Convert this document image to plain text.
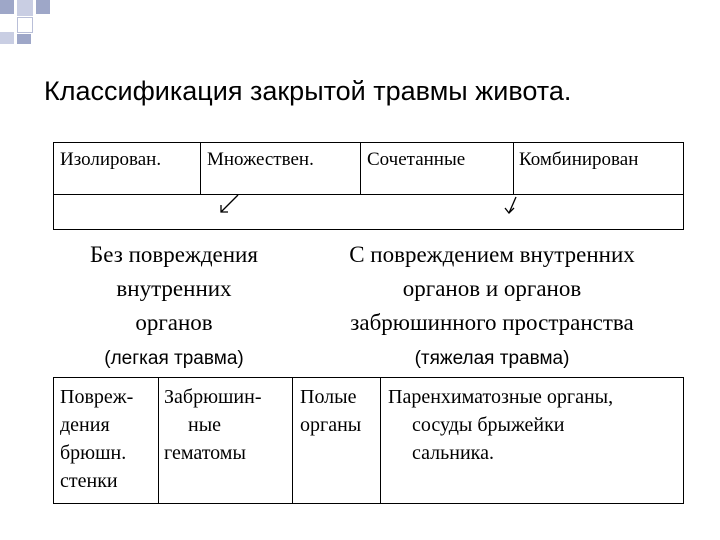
Классификация закрытой травмы живота.
Изолирован. Множествен.	Сочетанные	Комбинирован
Без повреждения
внутренних
органов
(легкая травма)
С повреждением внутренних
органов и органов
забрюшинного пространства
(тяжелая травма)
Повреж-
дения
брюшн.
стенки
Забрюшин-
ные
гематомы
Полые
органы
Паренхиматозные органы,
сосуды брыжейки
сальника.
